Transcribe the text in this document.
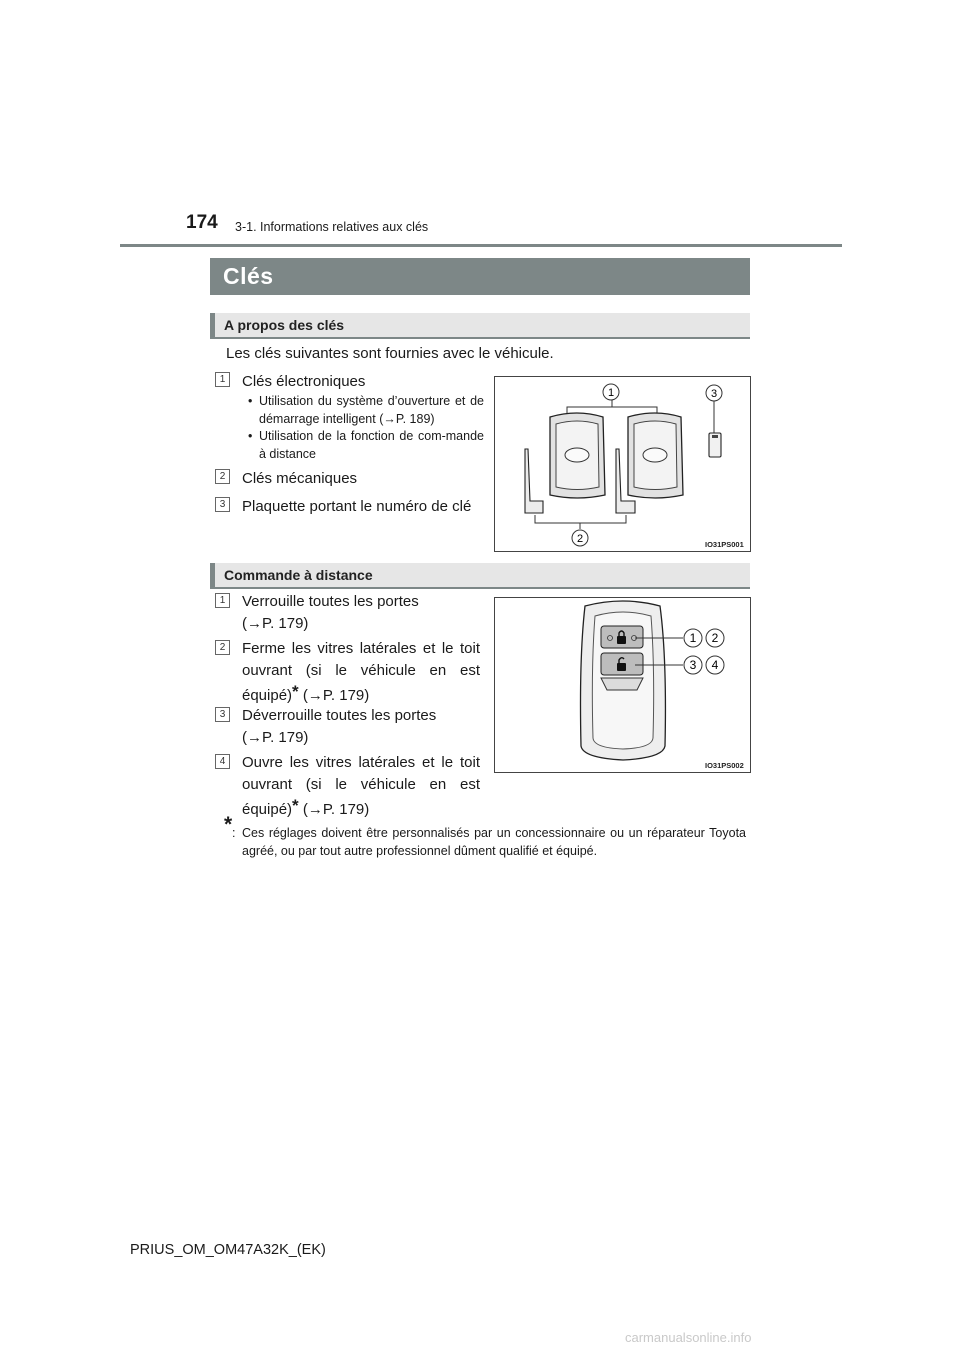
174 3-1. Informations relatives aux clés
Clés
A propos des clés
Les clés suivantes sont fournies avec le véhicule.
1	Clés électroniques
• Utilisation du système d’ouverture et de démarrage intelligent (→P. 189)
• Utilisation de la fonction de com-mande à distance
2	Clés mécaniques
3	Plaquette portant le numéro de clé
1	3
2	IO31PS001
Commande à distance
1	Verrouille toutes les portes
(→P. 179)
2	Ferme les vitres latérales et le toit ouvrant (si le véhicule en est équipé)* (→P. 179)
3	Déverrouille toutes les portes
(→P. 179)
4	Ouvre les vitres latérales et le toit ouvrant (si le véhicule en est équipé)* (→P. 179)
1 2
3 4
IO31PS002
* : Ces réglages doivent être personnalisés par un concessionnaire ou un réparateur Toyota agréé, ou par tout autre professionnel dûment qualifié et équipé.
PRIUS_OM_OM47A32K_(EK)
carmanualsonline.info
